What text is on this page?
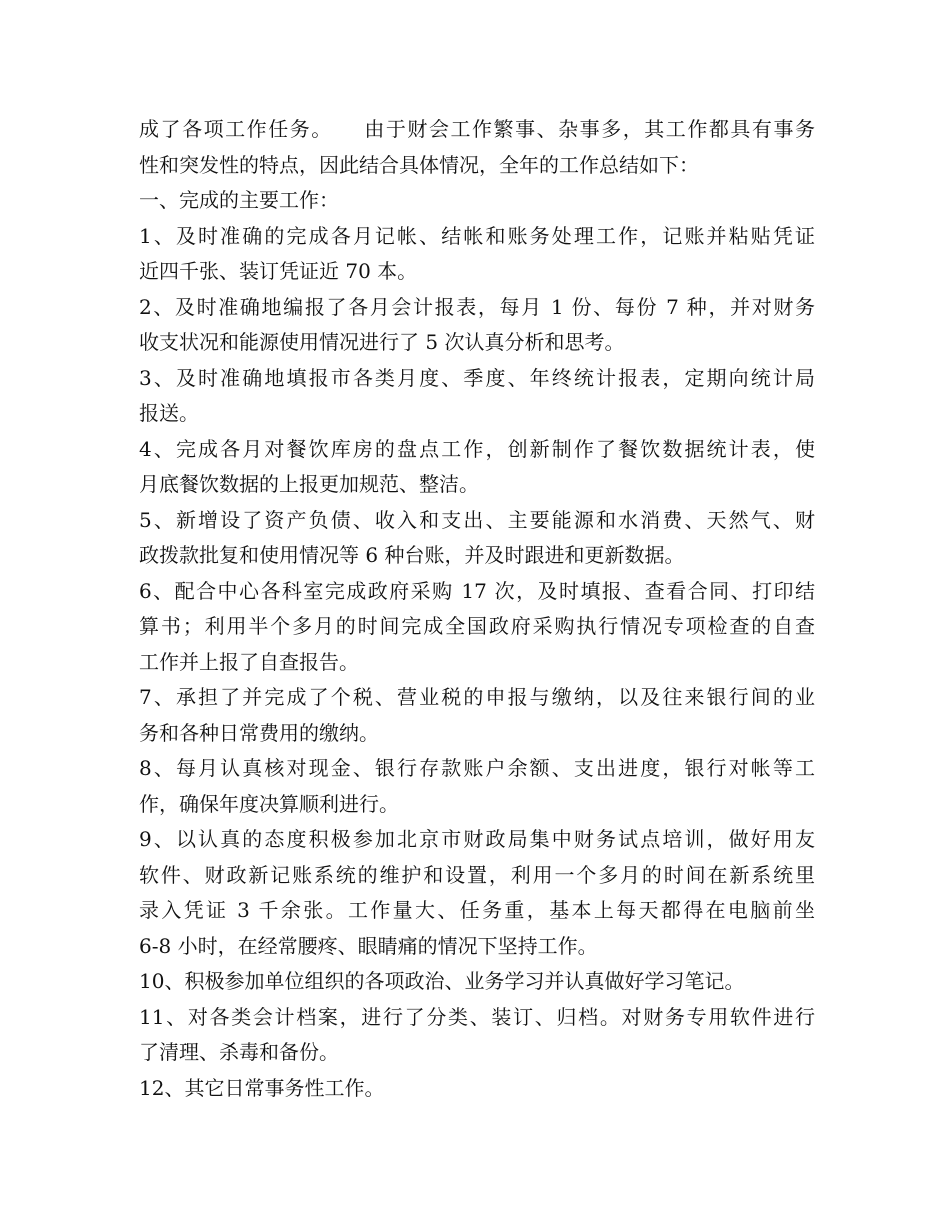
成了各项工作任务。    由于财会工作繁事、杂事多，其工作都具有事务
性和突发性的特点，因此结合具体情况，全年的工作总结如下：
一、完成的主要工作：
1、及时准确的完成各月记帐、结帐和账务处理工作，记账并粘贴凭证
近四千张、装订凭证近 70 本。
2、及时准确地编报了各月会计报表，每月 1 份、每份 7 种，并对财务
收支状况和能源使用情况进行了 5 次认真分析和思考。
3、及时准确地填报市各类月度、季度、年终统计报表，定期向统计局
报送。
4、完成各月对餐饮库房的盘点工作，创新制作了餐饮数据统计表，使
月底餐饮数据的上报更加规范、整洁。
5、新增设了资产负债、收入和支出、主要能源和水消费、天然气、财
政拨款批复和使用情况等 6 种台账，并及时跟进和更新数据。
6、配合中心各科室完成政府采购 17 次，及时填报、查看合同、打印结
算书；利用半个多月的时间完成全国政府采购执行情况专项检查的自查
工作并上报了自查报告。
7、承担了并完成了个税、营业税的申报与缴纳，以及往来银行间的业
务和各种日常费用的缴纳。
8、每月认真核对现金、银行存款账户余额、支出进度，银行对帐等工
作，确保年度决算顺利进行。
9、以认真的态度积极参加北京市财政局集中财务试点培训，做好用友
软件、财政新记账系统的维护和设置，利用一个多月的时间在新系统里
录入凭证 3 千余张。工作量大、任务重，基本上每天都得在电脑前坐
6-8 小时，在经常腰疼、眼睛痛的情况下坚持工作。
10、积极参加单位组织的各项政治、业务学习并认真做好学习笔记。
11、对各类会计档案，进行了分类、装订、归档。对财务专用软件进行
了清理、杀毒和备份。
12、其它日常事务性工作。
